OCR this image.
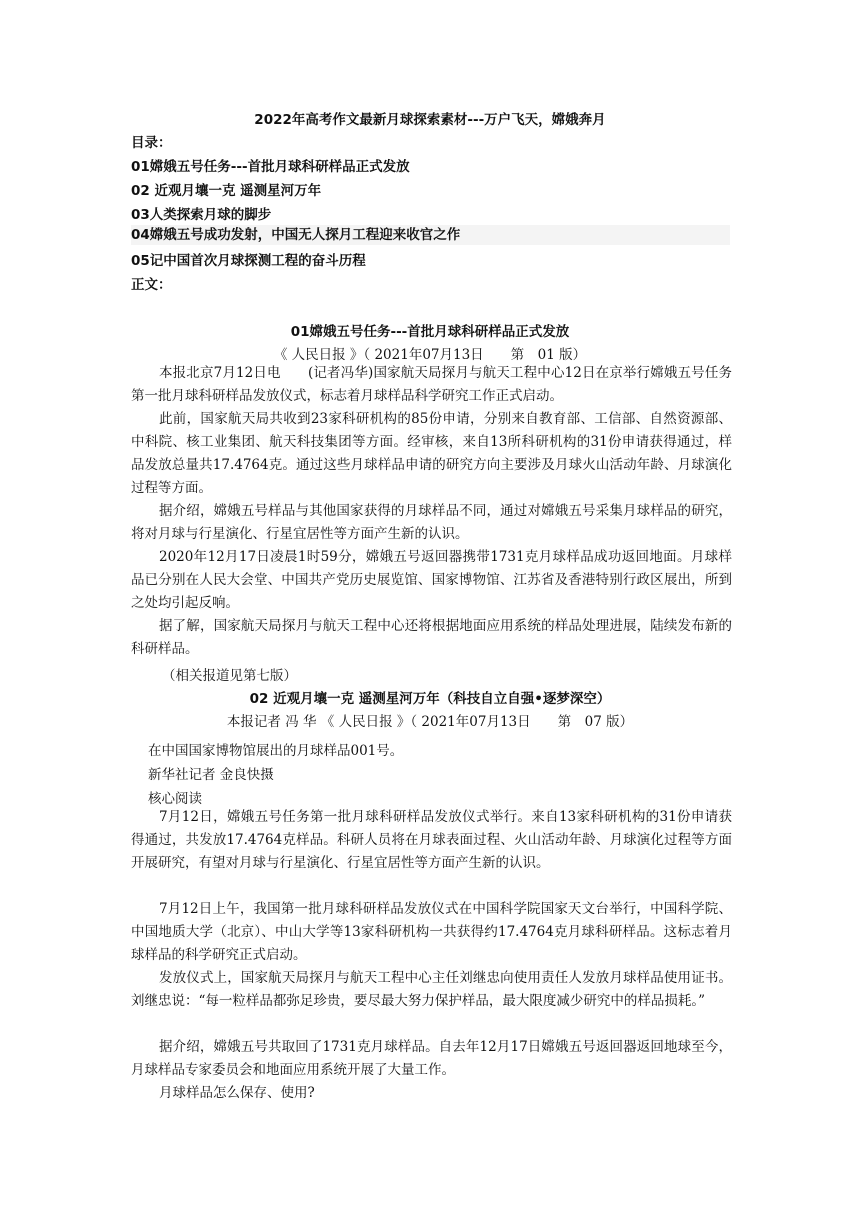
2022年高考作文最新月球探索素材---万户飞天，嫦娥奔月
目录：
01嫦娥五号任务---首批月球科研样品正式发放
02 近观月壤一克 遥测星河万年
03人类探索月球的脚步
04嫦娥五号成功发射，中国无人探月工程迎来收官之作
05记中国首次月球探测工程的奋斗历程
正文：
01嫦娥五号任务---首批月球科研样品正式发放
《 人民日报 》（ 2021年07月13日　　第　01 版）
本报北京7月12日电　　(记者冯华)国家航天局探月与航天工程中心12日在京举行嫦娥五号任务第一批月球科研样品发放仪式，标志着月球样品科学研究工作正式启动。
此前，国家航天局共收到23家科研机构的85份申请，分别来自教育部、工信部、自然资源部、中科院、核工业集团、航天科技集团等方面。经审核，来自13所科研机构的31份申请获得通过，样品发放总量共17.4764克。通过这些月球样品申请的研究方向主要涉及月球火山活动年龄、月球演化过程等方面。
据介绍，嫦娥五号样品与其他国家获得的月球样品不同，通过对嫦娥五号采集月球样品的研究，将对月球与行星演化、行星宜居性等方面产生新的认识。
2020年12月17日凌晨1时59分，嫦娥五号返回器携带1731克月球样品成功返回地面。月球样品已分别在人民大会堂、中国共产党历史展览馆、国家博物馆、江苏省及香港特别行政区展出，所到之处均引起反响。
据了解，国家航天局探月与航天工程中心还将根据地面应用系统的样品处理进展，陆续发布新的科研样品。
（相关报道见第七版）
02 近观月壤一克 遥测星河万年（科技自立自强•逐梦深空）
本报记者 冯 华 《 人民日报 》（ 2021年07月13日　　第　07 版）
在中国国家博物馆展出的月球样品001号。
新华社记者 金良快摄
核心阅读
7月12日，嫦娥五号任务第一批月球科研样品发放仪式举行。来自13家科研机构的31份申请获得通过，共发放17.4764克样品。科研人员将在月球表面过程、火山活动年龄、月球演化过程等方面开展研究，有望对月球与行星演化、行星宜居性等方面产生新的认识。
7月12日上午，我国第一批月球科研样品发放仪式在中国科学院国家天文台举行，中国科学院、中国地质大学（北京）、中山大学等13家科研机构一共获得约17.4764克月球科研样品。这标志着月球样品的科学研究正式启动。
发放仪式上，国家航天局探月与航天工程中心主任刘继忠向使用责任人发放月球样品使用证书。刘继忠说：“每一粒样品都弥足珍贵，要尽最大努力保护样品，最大限度减少研究中的样品损耗。”
据介绍，嫦娥五号共取回了1731克月球样品。自去年12月17日嫦娥五号返回器返回地球至今，月球样品专家委员会和地面应用系统开展了大量工作。
月球样品怎么保存、使用?
